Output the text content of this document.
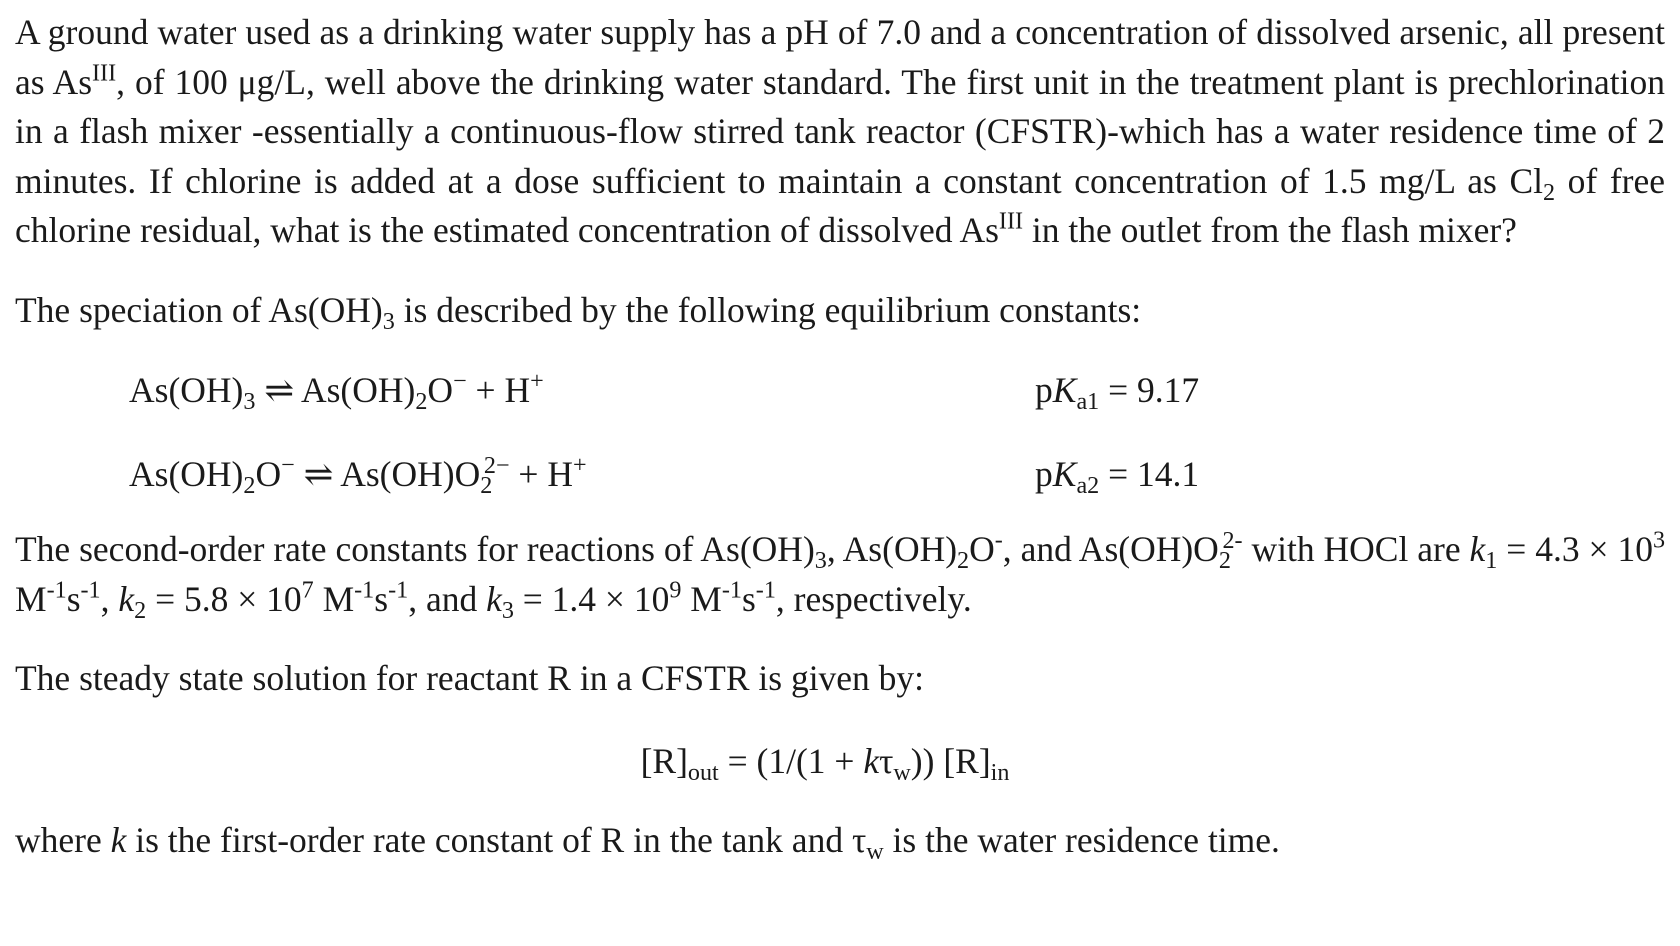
A ground water used as a drinking water supply has a pH of 7.0 and a concentration of dissolved arsenic, all present as $As^{III}$, of 100 μg/L, well above the drinking water standard. The first unit in the treatment plant is prechlorination in a flash mixer -essentially a continuous-flow stirred tank reactor (CFSTR)-which has a water residence time of 2 minutes. If chlorine is added at a dose sufficient to maintain a constant concentration of 1.5 mg/L as $Cl_2$ of free chlorine residual, what is the estimated concentration of dissolved $As^{III}$ in the outlet from the flash mixer?

The speciation of $As(OH)_3$ is described by the following equilibrium constants:

$As(OH)_3$ ⇌ $As(OH)_2O^- + H^+$	$pK_{a1} = 9.17$
$As(OH)_2O^-$ ⇌ $As(OH)O_2^{2-} + H^+$	$pK_{a2} = 14.1$

The second-order rate constants for reactions of $As(OH)_3$, $As(OH)_2O^-$, and $As(OH)O_2^{2-}$ with HOCl are $k_1 = 4.3 \times 10^3$ $M^{-1}s^{-1}$, $k_2 = 5.8 \times 10^7$ $M^{-1}s^{-1}$, and $k_3 = 1.4 \times 10^9$ $M^{-1}s^{-1}$, respectively.

The steady state solution for reactant R in a CFSTR is given by:

$[R]_{out} = (1/(1 + k\tau_w))$ $[R]_{in}$

where k is the first-order rate constant of R in the tank and $\tau_w$ is the water residence time.
